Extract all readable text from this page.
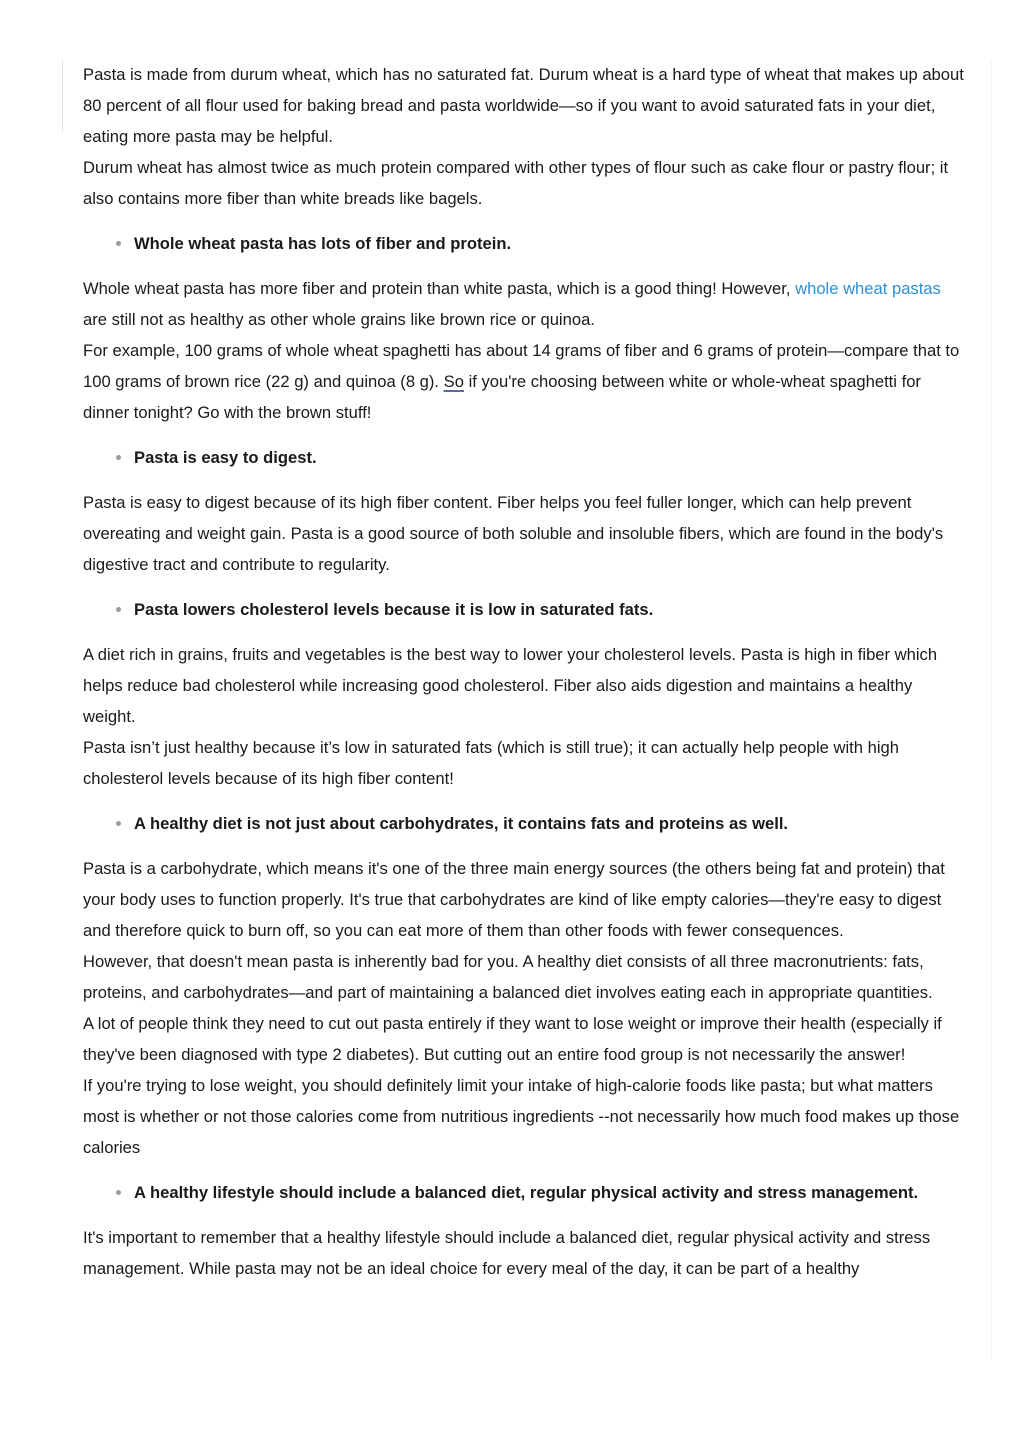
Pasta is made from durum wheat, which has no saturated fat. Durum wheat is a hard type of wheat that makes up about 80 percent of all flour used for baking bread and pasta worldwide—so if you want to avoid saturated fats in your diet, eating more pasta may be helpful.

Durum wheat has almost twice as much protein compared with other types of flour such as cake flour or pastry flour; it also contains more fiber than white breads like bagels.

Whole wheat pasta has lots of fiber and protein.

Whole wheat pasta has more fiber and protein than white pasta, which is a good thing! However, whole wheat pastas are still not as healthy as other whole grains like brown rice or quinoa.

For example, 100 grams of whole wheat spaghetti has about 14 grams of fiber and 6 grams of protein—compare that to 100 grams of brown rice (22 g) and quinoa (8 g). So if you're choosing between white or whole-wheat spaghetti for dinner tonight? Go with the brown stuff!

Pasta is easy to digest.

Pasta is easy to digest because of its high fiber content. Fiber helps you feel fuller longer, which can help prevent overeating and weight gain. Pasta is a good source of both soluble and insoluble fibers, which are found in the body's digestive tract and contribute to regularity.

Pasta lowers cholesterol levels because it is low in saturated fats.

A diet rich in grains, fruits and vegetables is the best way to lower your cholesterol levels. Pasta is high in fiber which helps reduce bad cholesterol while increasing good cholesterol. Fiber also aids digestion and maintains a healthy weight.

Pasta isn’t just healthy because it’s low in saturated fats (which is still true); it can actually help people with high cholesterol levels because of its high fiber content!

A healthy diet is not just about carbohydrates, it contains fats and proteins as well.

Pasta is a carbohydrate, which means it's one of the three main energy sources (the others being fat and protein) that your body uses to function properly. It's true that carbohydrates are kind of like empty calories—they're easy to digest and therefore quick to burn off, so you can eat more of them than other foods with fewer consequences.

However, that doesn't mean pasta is inherently bad for you. A healthy diet consists of all three macronutrients: fats, proteins, and carbohydrates—and part of maintaining a balanced diet involves eating each in appropriate quantities.

A lot of people think they need to cut out pasta entirely if they want to lose weight or improve their health (especially if they've been diagnosed with type 2 diabetes). But cutting out an entire food group is not necessarily the answer!

If you're trying to lose weight, you should definitely limit your intake of high-calorie foods like pasta; but what matters most is whether or not those calories come from nutritious ingredients --not necessarily how much food makes up those calories

A healthy lifestyle should include a balanced diet, regular physical activity and stress management.

It's important to remember that a healthy lifestyle should include a balanced diet, regular physical activity and stress management. While pasta may not be an ideal choice for every meal of the day, it can be part of a healthy
